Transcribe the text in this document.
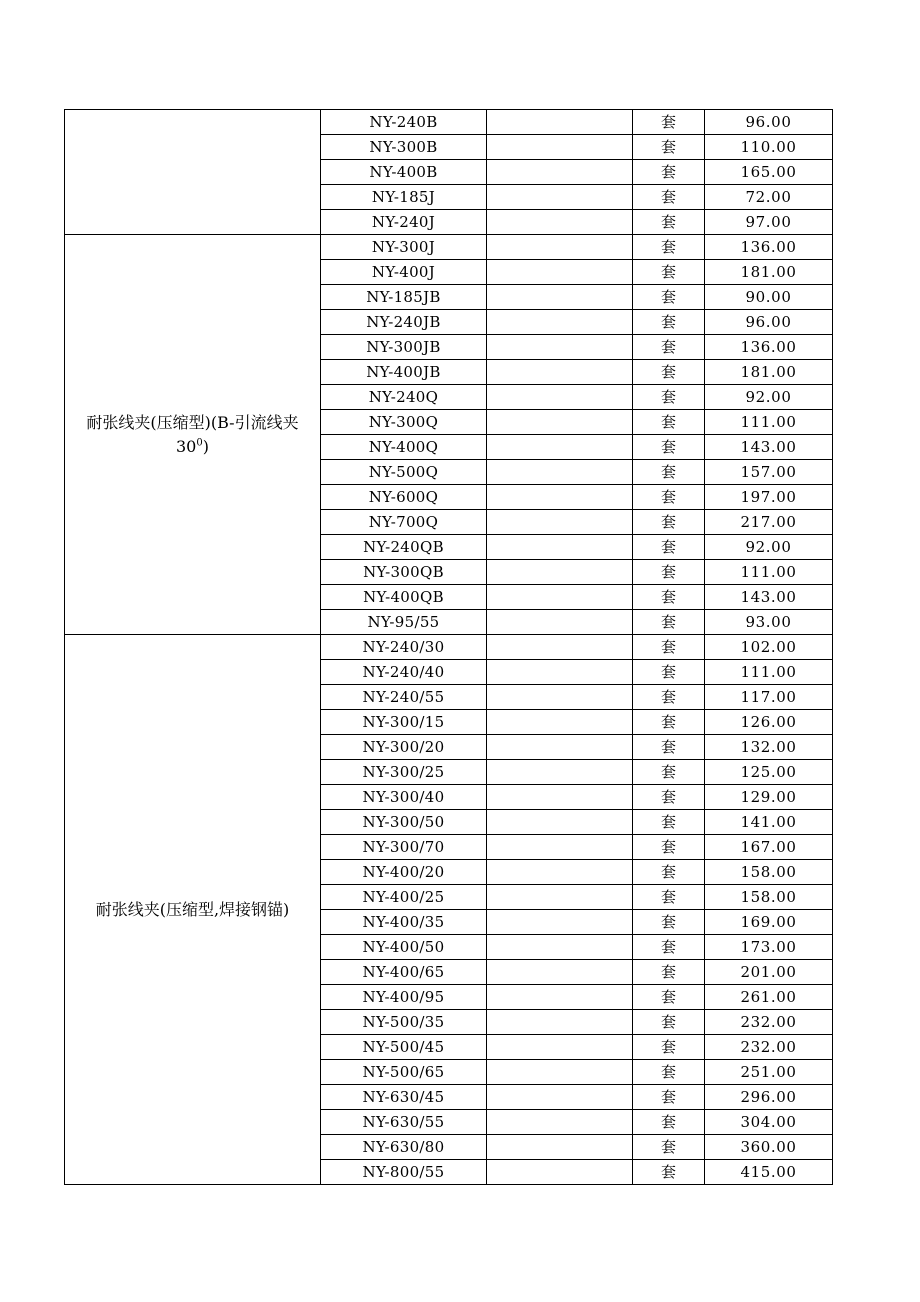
	NY-240B		套	96.00
	NY-300B		套	110.00
	NY-400B		套	165.00
	NY-185J		套	72.00
	NY-240J		套	97.00
耐张线夹(压缩型)(B-引流线夹 $30^0$)	NY-300J		套	136.00
	NY-400J		套	181.00
	NY-185JB		套	90.00
	NY-240JB		套	96.00
	NY-300JB		套	136.00
	NY-400JB		套	181.00
	NY-240Q		套	92.00
	NY-300Q		套	111.00
	NY-400Q		套	143.00
	NY-500Q		套	157.00
	NY-600Q		套	197.00
	NY-700Q		套	217.00
	NY-240QB		套	92.00
	NY-300QB		套	111.00
	NY-400QB		套	143.00
	NY-95/55		套	93.00
耐张线夹(压缩型,焊接钢锚)	NY-240/30		套	102.00
	NY-240/40		套	111.00
	NY-240/55		套	117.00
	NY-300/15		套	126.00
	NY-300/20		套	132.00
	NY-300/25		套	125.00
	NY-300/40		套	129.00
	NY-300/50		套	141.00
	NY-300/70		套	167.00
	NY-400/20		套	158.00
	NY-400/25		套	158.00
	NY-400/35		套	169.00
	NY-400/50		套	173.00
	NY-400/65		套	201.00
	NY-400/95		套	261.00
	NY-500/35		套	232.00
	NY-500/45		套	232.00
	NY-500/65		套	251.00
	NY-630/45		套	296.00
	NY-630/55		套	304.00
	NY-630/80		套	360.00
	NY-800/55		套	415.00
